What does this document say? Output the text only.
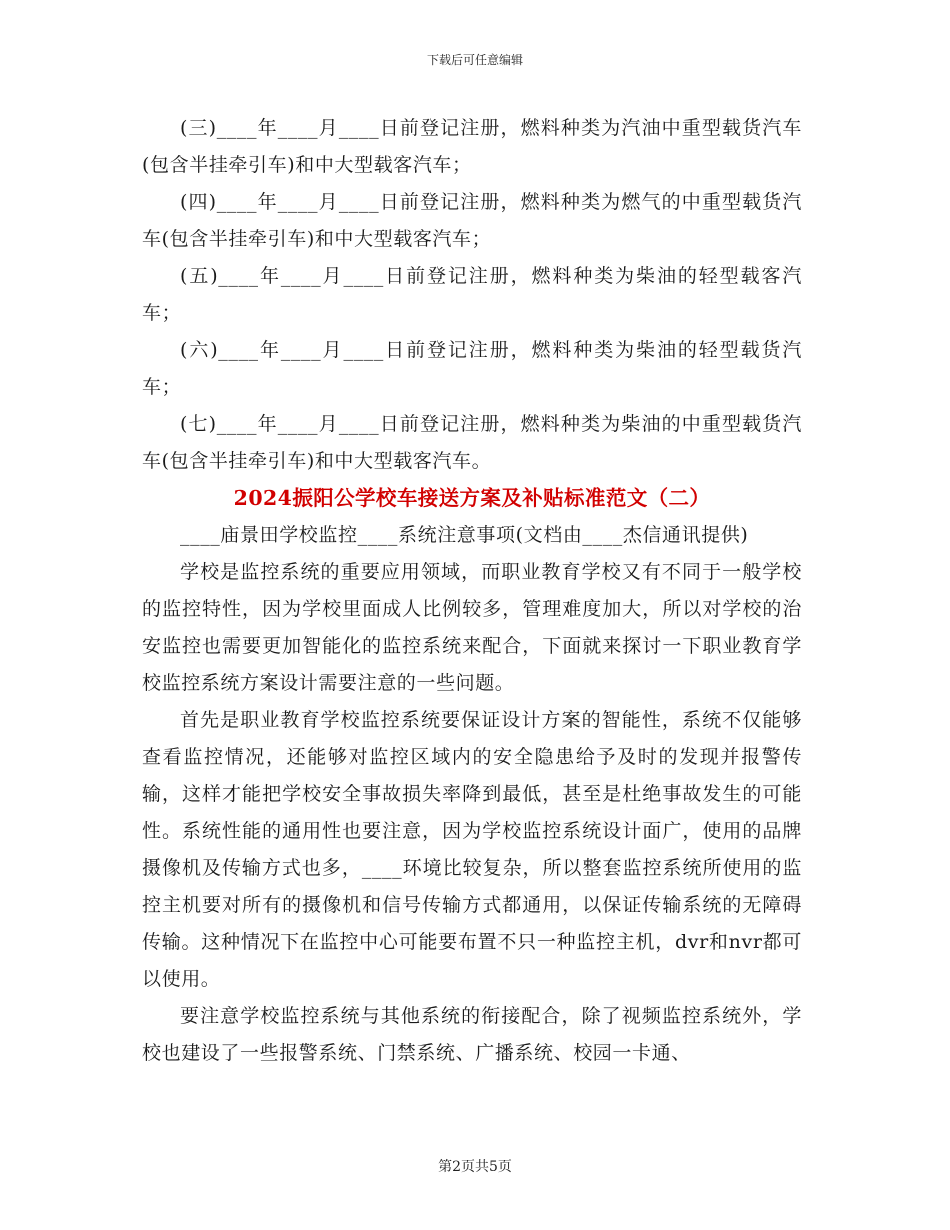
下载后可任意编辑

(三)____年____月____日前登记注册，燃料种类为汽油中重型载货汽车(包含半挂牵引车)和中大型载客汽车；

(四)____年____月____日前登记注册，燃料种类为燃气的中重型载货汽车(包含半挂牵引车)和中大型载客汽车；

(五)____年____月____日前登记注册，燃料种类为柴油的轻型载客汽车；

(六)____年____月____日前登记注册，燃料种类为柴油的轻型载货汽车；

(七)____年____月____日前登记注册，燃料种类为柴油的中重型载货汽车(包含半挂牵引车)和中大型载客汽车。

2024振阳公学校车接送方案及补贴标准范文（二）

____庙景田学校监控____系统注意事项(文档由____杰信通讯提供)

学校是监控系统的重要应用领域，而职业教育学校又有不同于一般学校的监控特性，因为学校里面成人比例较多，管理难度加大，所以对学校的治安监控也需要更加智能化的监控系统来配合，下面就来探讨一下职业教育学校监控系统方案设计需要注意的一些问题。

首先是职业教育学校监控系统要保证设计方案的智能性，系统不仅能够查看监控情况，还能够对监控区域内的安全隐患给予及时的发现并报警传输，这样才能把学校安全事故损失率降到最低，甚至是杜绝事故发生的可能性。系统性能的通用性也要注意，因为学校监控系统设计面广，使用的品牌摄像机及传输方式也多，____环境比较复杂，所以整套监控系统所使用的监控主机要对所有的摄像机和信号传输方式都通用，以保证传输系统的无障碍传输。这种情况下在监控中心可能要布置不只一种监控主机，dvr和nvr都可以使用。

要注意学校监控系统与其他系统的衔接配合，除了视频监控系统外，学校也建设了一些报警系统、门禁系统、广播系统、校园一卡通、

第2页共5页
